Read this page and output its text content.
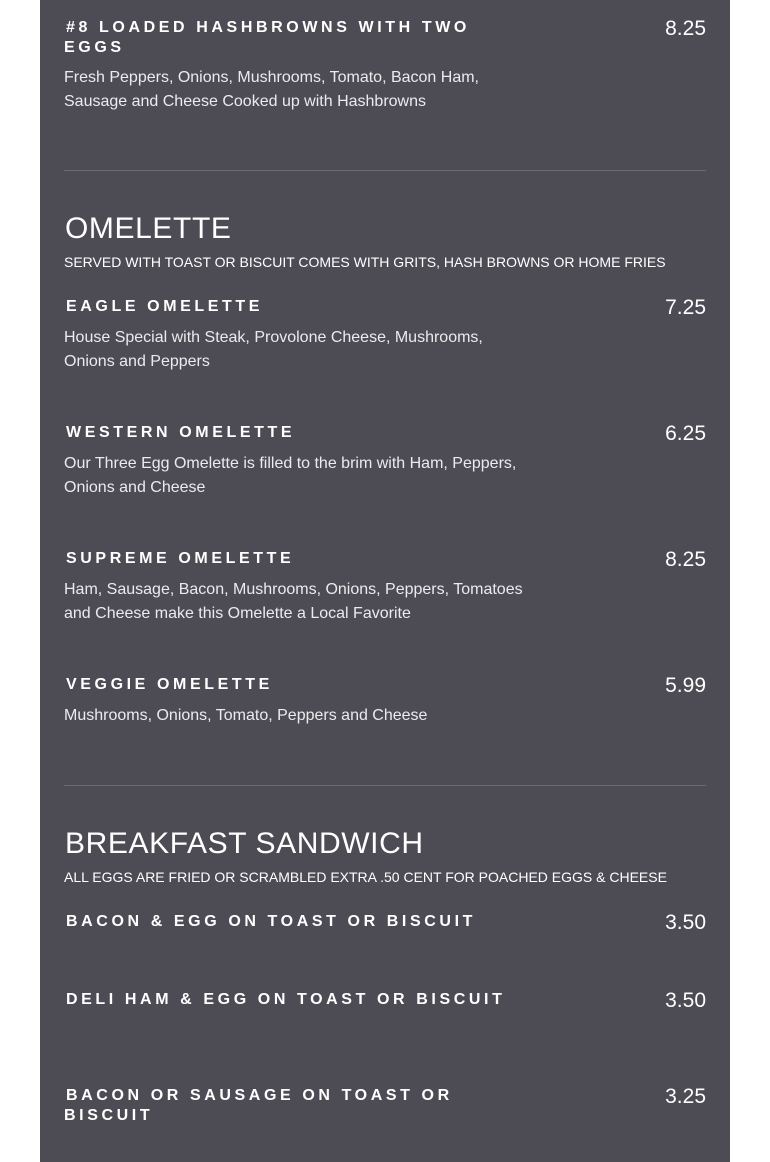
#8 LOADED HASHBROWNS WITH TWO EGGS
8.25
Fresh Peppers, Onions, Mushrooms, Tomato, Bacon Ham, Sausage and Cheese Cooked up with Hashbrowns
OMELETTE
SERVED WITH TOAST OR BISCUIT COMES WITH GRITS, HASH BROWNS OR HOME FRIES
EAGLE OMELETTE	7.25
House Special with Steak, Provolone Cheese, Mushrooms, Onions and Peppers
WESTERN OMELETTE	6.25
Our Three Egg Omelette is filled to the brim with Ham, Peppers, Onions and Cheese
SUPREME OMELETTE	8.25
Ham, Sausage, Bacon, Mushrooms, Onions, Peppers, Tomatoes and Cheese make this Omelette a Local Favorite
VEGGIE OMELETTE	5.99
Mushrooms, Onions, Tomato, Peppers and Cheese
BREAKFAST SANDWICH
ALL EGGS ARE FRIED OR SCRAMBLED EXTRA .50 CENT FOR POACHED EGGS & CHEESE
BACON & EGG ON TOAST OR BISCUIT	3.50
DELI HAM & EGG ON TOAST OR BISCUIT	3.50
BACON OR SAUSAGE ON TOAST OR BISCUIT
3.25
